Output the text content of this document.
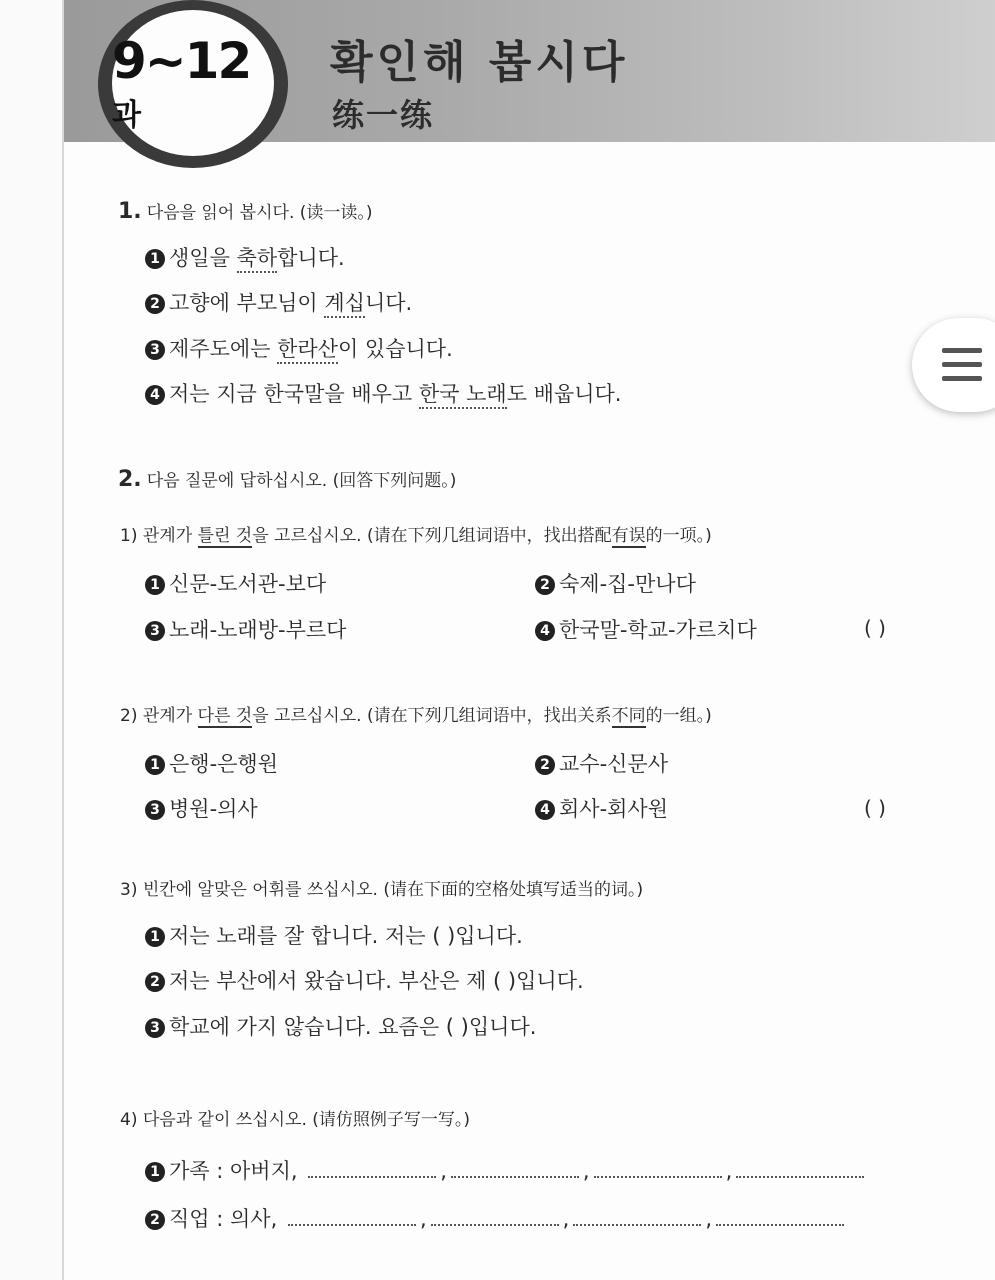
9~12과
확인해 봅시다
练一练
1. 다음을 읽어 봅시다. (读一读。)
1 생일을 축하합니다.
2 고향에 부모님이 계십니다.
3 제주도에는 한라산이 있습니다.
4 저는 지금 한국말을 배우고 한국 노래도 배웁니다.
2. 다음 질문에 답하십시오. (回答下列问题。)
1) 관계가 틀린 것을 고르십시오. (请在下列几组词语中，找出搭配有误的一项。)
1 신문-도서관-보다	2 숙제-집-만나다
3 노래-노래방-부르다	4 한국말-학교-가르치다	( )
2) 관계가 다른 것을 고르십시오. (请在下列几组词语中，找出关系不同的一组。)
1 은행-은행원	2 교수-신문사
3 병원-의사	4 회사-회사원	( )
3) 빈칸에 알맞은 어휘를 쓰십시오. (请在下面的空格处填写适当的词。)
1 저는 노래를 잘 합니다. 저는 ( )입니다.
2 저는 부산에서 왔습니다. 부산은 제 ( )입니다.
3 학교에 가지 않습니다. 요즘은 ( )입니다.
4) 다음과 같이 쓰십시오. (请仿照例子写一写。)
1 가족 : 아버지,	,	,	,
2 직업 : 의사,	,	,	,
